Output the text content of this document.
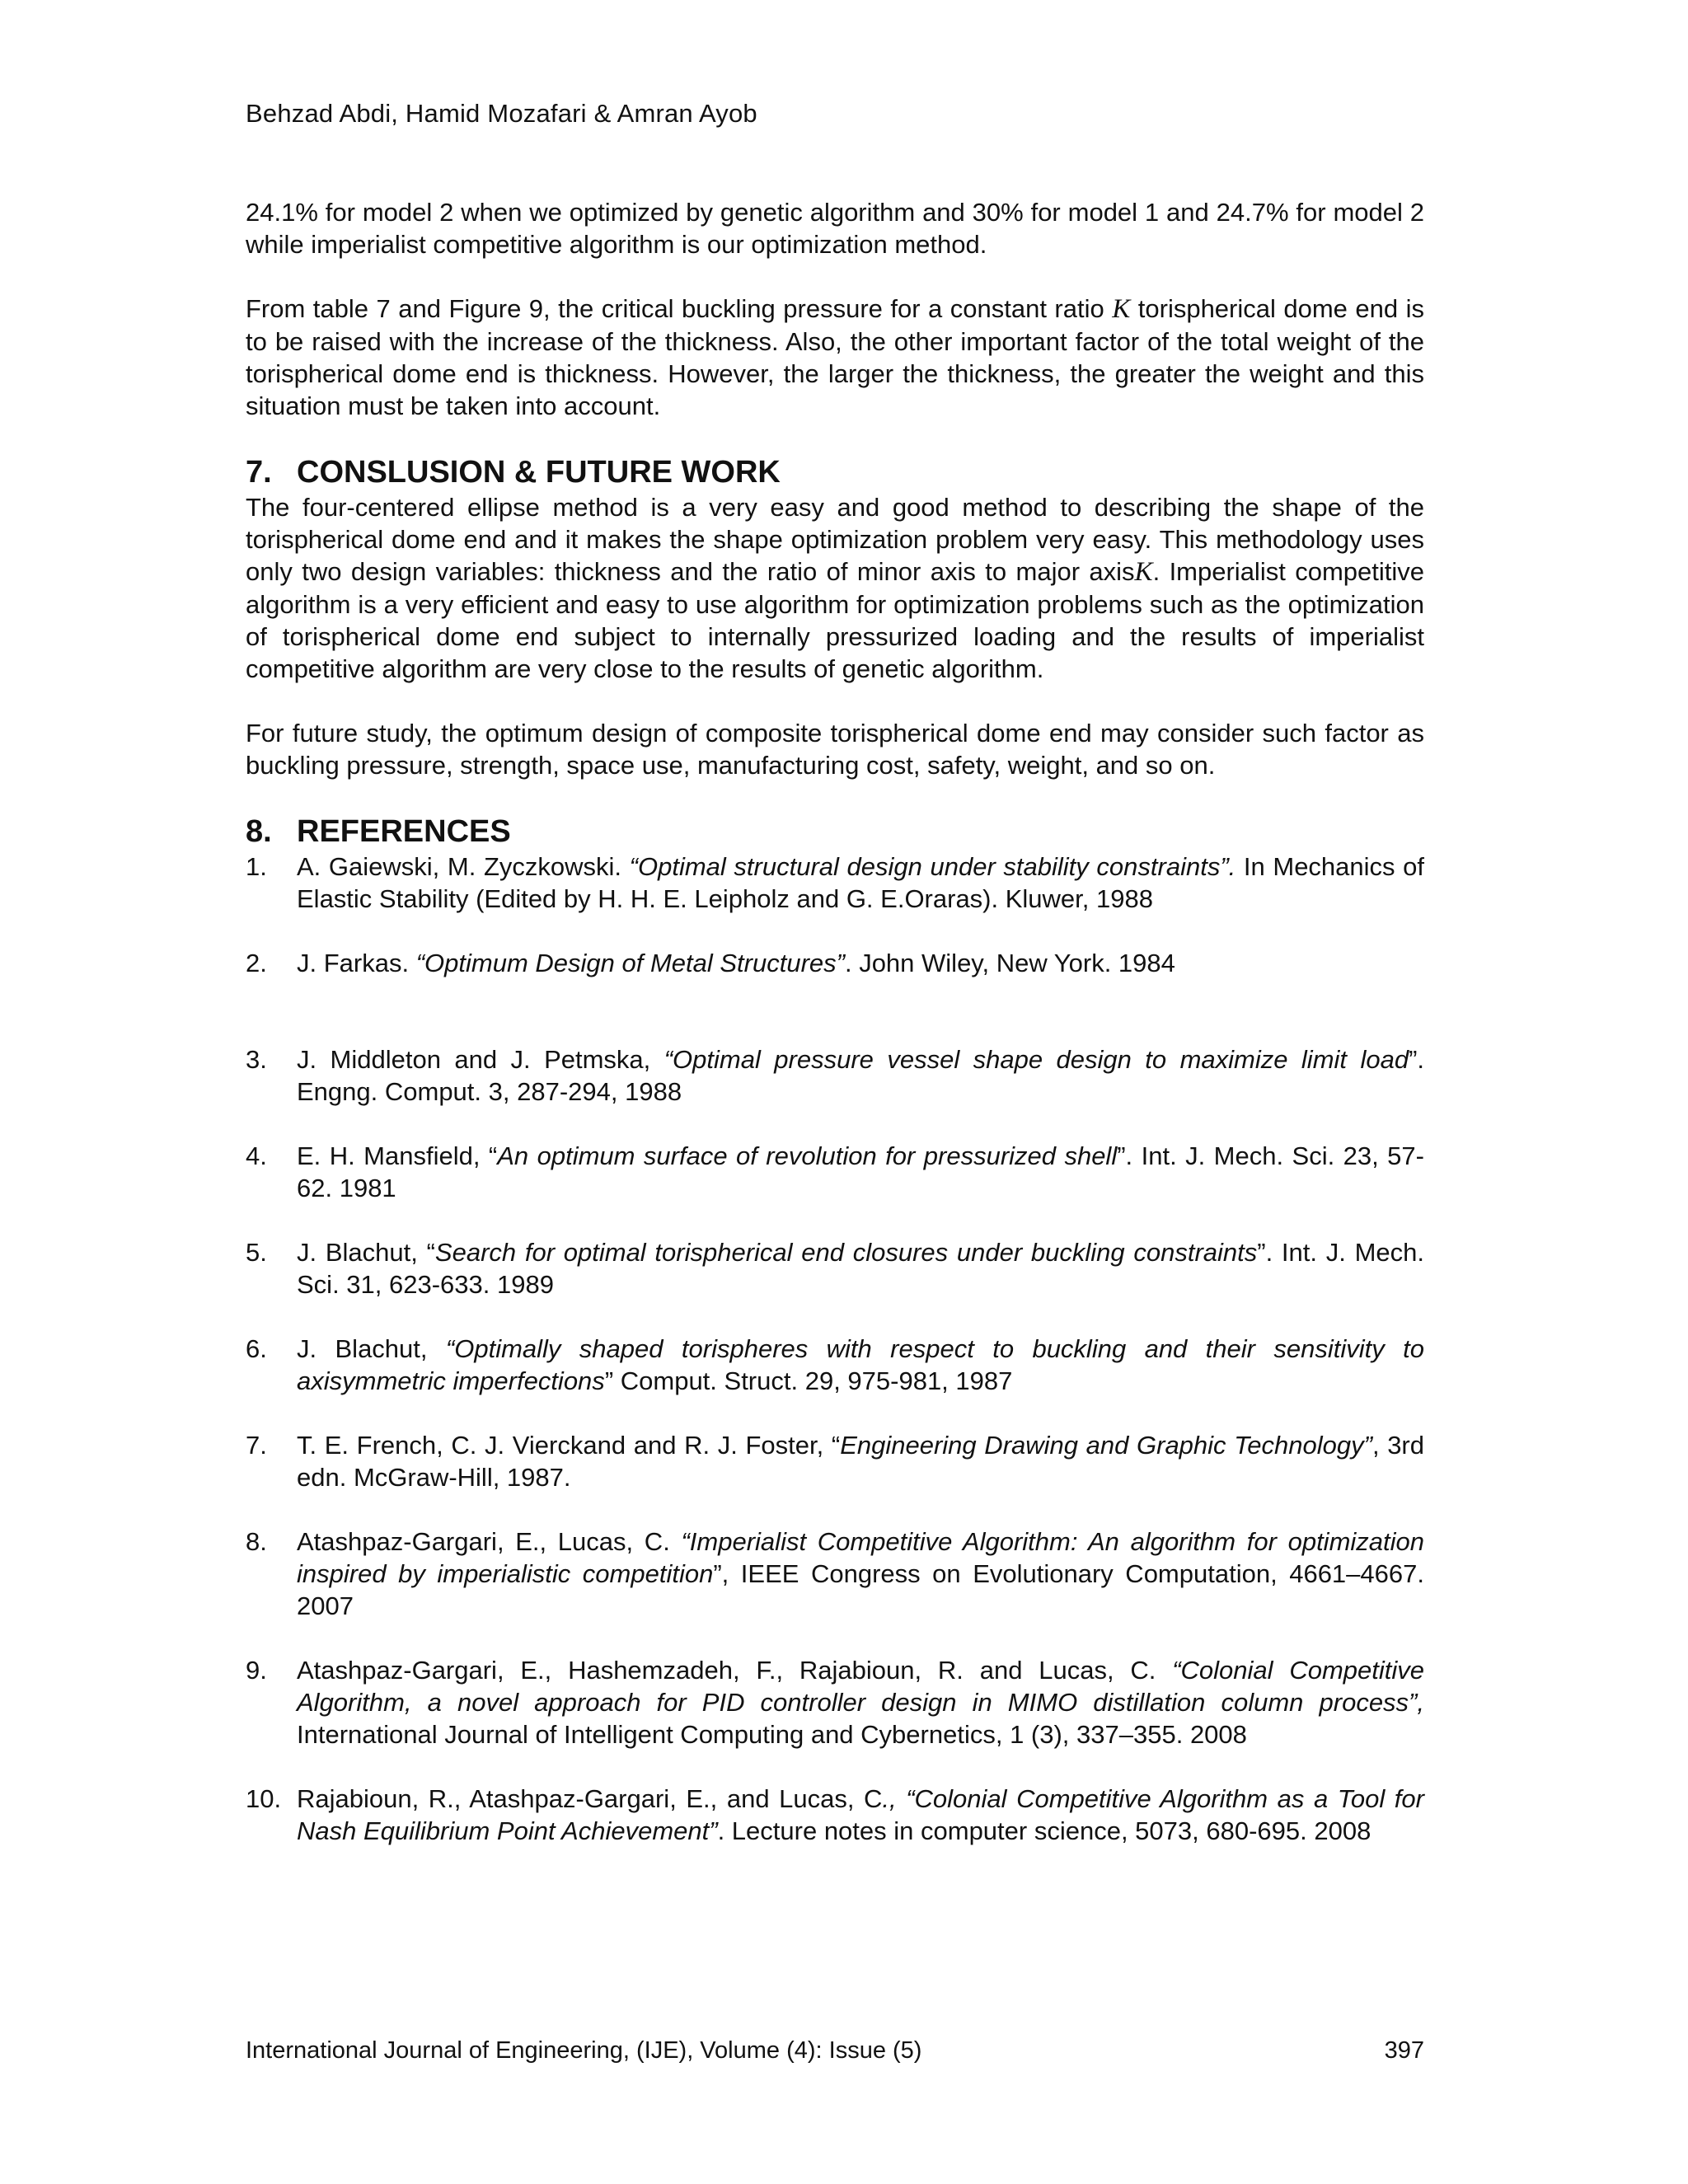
Behzad Abdi, Hamid Mozafari & Amran Ayob

24.1% for model 2 when we optimized by genetic algorithm and 30% for model 1 and 24.7% for model 2 while imperialist competitive algorithm is our optimization method.

From table 7 and Figure 9, the critical buckling pressure for a constant ratio K torispherical dome end is to be raised with the increase of the thickness. Also, the other important factor of the total weight of the torispherical dome end is thickness. However, the larger the thickness, the greater the weight and this situation must be taken into account.

7. CONSLUSION & FUTURE WORK

The four-centered ellipse method is a very easy and good method to describing the shape of the torispherical dome end and it makes the shape optimization problem very easy. This methodology uses only two design variables: thickness and the ratio of minor axis to major axisK. Imperialist competitive algorithm is a very efficient and easy to use algorithm for optimization problems such as the optimization of torispherical dome end subject to internally pressurized loading and the results of imperialist competitive algorithm are very close to the results of genetic algorithm.

For future study, the optimum design of composite torispherical dome end may consider such factor as buckling pressure, strength, space use, manufacturing cost, safety, weight, and so on.

8. REFERENCES
1. A. Gaiewski, M. Zyczkowski. “Optimal structural design under stability constraints”. In Mechanics of Elastic Stability (Edited by H. H. E. Leipholz and G. E.Oraras). Kluwer, 1988
2. J. Farkas. “Optimum Design of Metal Structures”. John Wiley, New York. 1984
3. J. Middleton and J. Petmska, “Optimal pressure vessel shape design to maximize limit load”. Engng. Comput. 3, 287-294, 1988
4. E. H. Mansfield, “An optimum surface of revolution for pressurized shell”. Int. J. Mech. Sci. 23, 57-62. 1981
5. J. Blachut, “Search for optimal torispherical end closures under buckling constraints”. Int. J. Mech. Sci. 31, 623-633. 1989
6. J. Blachut, “Optimally shaped torispheres with respect to buckling and their sensitivity to axisymmetric imperfections” Comput. Struct. 29, 975-981, 1987
7. T. E. French, C. J. Vierckand and R. J. Foster, “Engineering Drawing and Graphic Technology”, 3rd edn. McGraw-Hill, 1987.
8. Atashpaz-Gargari, E., Lucas, C. “Imperialist Competitive Algorithm: An algorithm for optimization inspired by imperialistic competition”, IEEE Congress on Evolutionary Computation, 4661–4667. 2007
9. Atashpaz-Gargari, E., Hashemzadeh, F., Rajabioun, R. and Lucas, C. “Colonial Competitive Algorithm, a novel approach for PID controller design in MIMO distillation column process”, International Journal of Intelligent Computing and Cybernetics, 1 (3), 337–355. 2008
10. Rajabioun, R., Atashpaz-Gargari, E., and Lucas, C., “Colonial Competitive Algorithm as a Tool for Nash Equilibrium Point Achievement”. Lecture notes in computer science, 5073, 680-695. 2008
International Journal of Engineering, (IJE), Volume (4): Issue (5)	397
